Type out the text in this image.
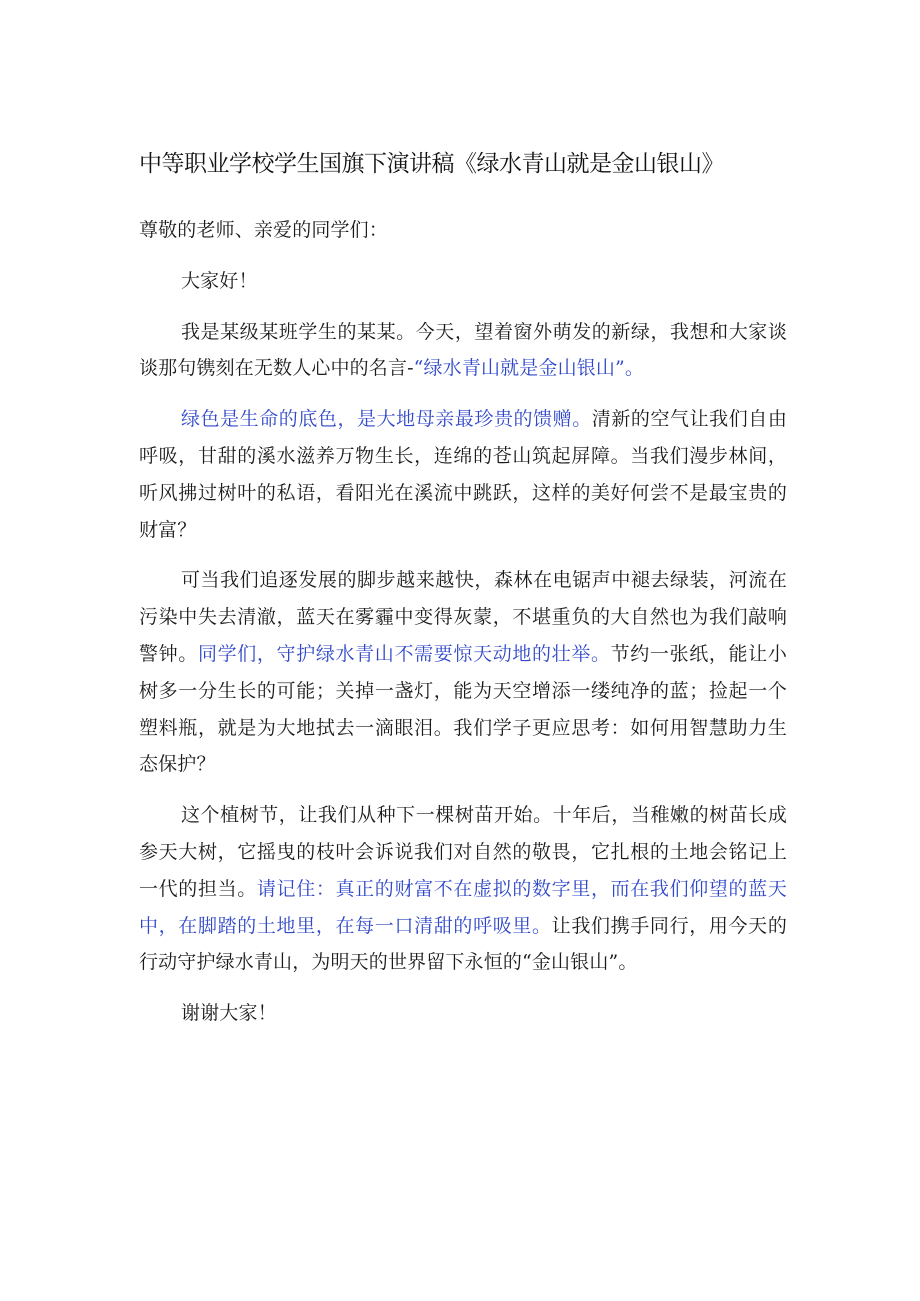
中等职业学校学生国旗下演讲稿《绿水青山就是金山银山》

尊敬的老师、亲爱的同学们：

大家好！

我是某级某班学生的某某。今天，望着窗外萌发的新绿，我想和大家谈谈那句镌刻在无数人心中的名言-“绿水青山就是金山银山”。

绿色是生命的底色，是大地母亲最珍贵的馈赠。清新的空气让我们自由呼吸，甘甜的溪水滋养万物生长，连绵的苍山筑起屏障。当我们漫步林间，听风拂过树叶的私语，看阳光在溪流中跳跃，这样的美好何尝不是最宝贵的财富？

可当我们追逐发展的脚步越来越快，森林在电锯声中褪去绿装，河流在污染中失去清澈，蓝天在雾霾中变得灰蒙，不堪重负的大自然也为我们敲响警钟。同学们，守护绿水青山不需要惊天动地的壮举。节约一张纸，能让小树多一分生长的可能；关掉一盏灯，能为天空增添一缕纯净的蓝；捡起一个塑料瓶，就是为大地拭去一滴眼泪。我们学子更应思考：如何用智慧助力生态保护？

这个植树节，让我们从种下一棵树苗开始。十年后，当稚嫩的树苗长成参天大树，它摇曳的枝叶会诉说我们对自然的敬畏，它扎根的土地会铭记上一代的担当。请记住：真正的财富不在虚拟的数字里，而在我们仰望的蓝天中，在脚踏的土地里，在每一口清甜的呼吸里。让我们携手同行，用今天的行动守护绿水青山，为明天的世界留下永恒的“金山银山”。

谢谢大家！
